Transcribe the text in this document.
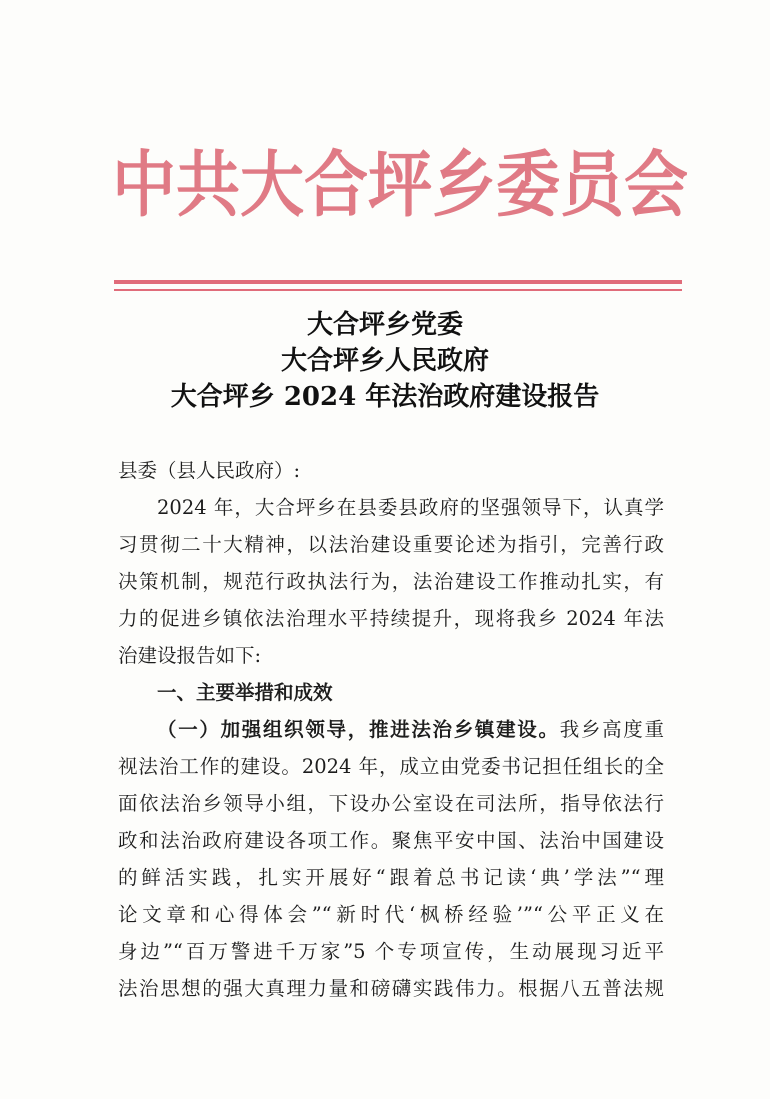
中共大合坪乡委员会
大合坪乡党委
大合坪乡人民政府
大合坪乡 2024 年法治政府建设报告

县委（县人民政府）:

2024 年，大合坪乡在县委县政府的坚强领导下，认真学

习贯彻二十大精神，以法治建设重要论述为指引，完善行政

决策机制，规范行政执法行为，法治建设工作推动扎实，有

力的促进乡镇依法治理水平持续提升，现将我乡 2024 年法

治建设报告如下:

一、主要举措和成效

（一）加强组织领导，推进法治乡镇建设。我乡高度重

视法治工作的建设。2024 年，成立由党委书记担任组长的全

面依法治乡领导小组，下设办公室设在司法所，指导依法行

政和法治政府建设各项工作。聚焦平安中国、法治中国建设

的鲜活实践，扎实开展好“跟着总书记读‘典’学法”“理

论文章和心得体会”“新时代‘枫桥经验’”“公平正义在

身边”“百万警进千万家”5 个专项宣传，生动展现习近平

法治思想的强大真理力量和磅礴实践伟力。根据八五普法规
